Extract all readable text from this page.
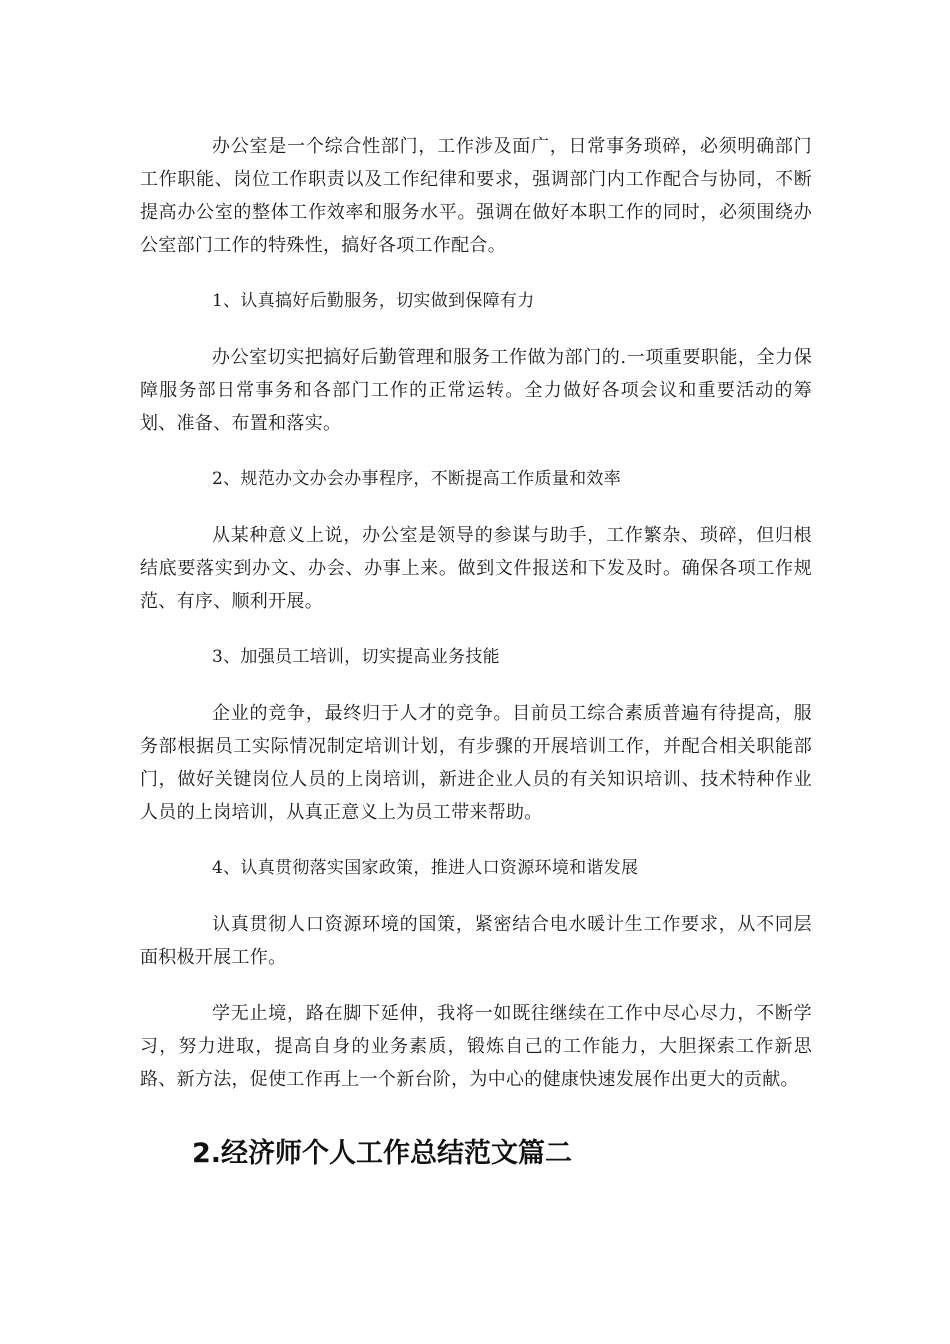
办公室是一个综合性部门，工作涉及面广，日常事务琐碎，必须明确部门工作职能、岗位工作职责以及工作纪律和要求，强调部门内工作配合与协同，不断提高办公室的整体工作效率和服务水平。强调在做好本职工作的同时，必须围绕办公室部门工作的特殊性，搞好各项工作配合。

1、认真搞好后勤服务，切实做到保障有力

办公室切实把搞好后勤管理和服务工作做为部门的.一项重要职能，全力保障服务部日常事务和各部门工作的正常运转。全力做好各项会议和重要活动的筹划、准备、布置和落实。

2、规范办文办会办事程序，不断提高工作质量和效率

从某种意义上说，办公室是领导的参谋与助手，工作繁杂、琐碎，但归根结底要落实到办文、办会、办事上来。做到文件报送和下发及时。确保各项工作规范、有序、顺利开展。

3、加强员工培训，切实提高业务技能

企业的竞争，最终归于人才的竞争。目前员工综合素质普遍有待提高，服务部根据员工实际情况制定培训计划，有步骤的开展培训工作，并配合相关职能部门，做好关键岗位人员的上岗培训，新进企业人员的有关知识培训、技术特种作业人员的上岗培训，从真正意义上为员工带来帮助。

4、认真贯彻落实国家政策，推进人口资源环境和谐发展

认真贯彻人口资源环境的国策，紧密结合电水暖计生工作要求，从不同层面积极开展工作。

学无止境，路在脚下延伸，我将一如既往继续在工作中尽心尽力，不断学习，努力进取，提高自身的业务素质，锻炼自己的工作能力，大胆探索工作新思路、新方法，促使工作再上一个新台阶，为中心的健康快速发展作出更大的贡献。

2.经济师个人工作总结范文篇二
